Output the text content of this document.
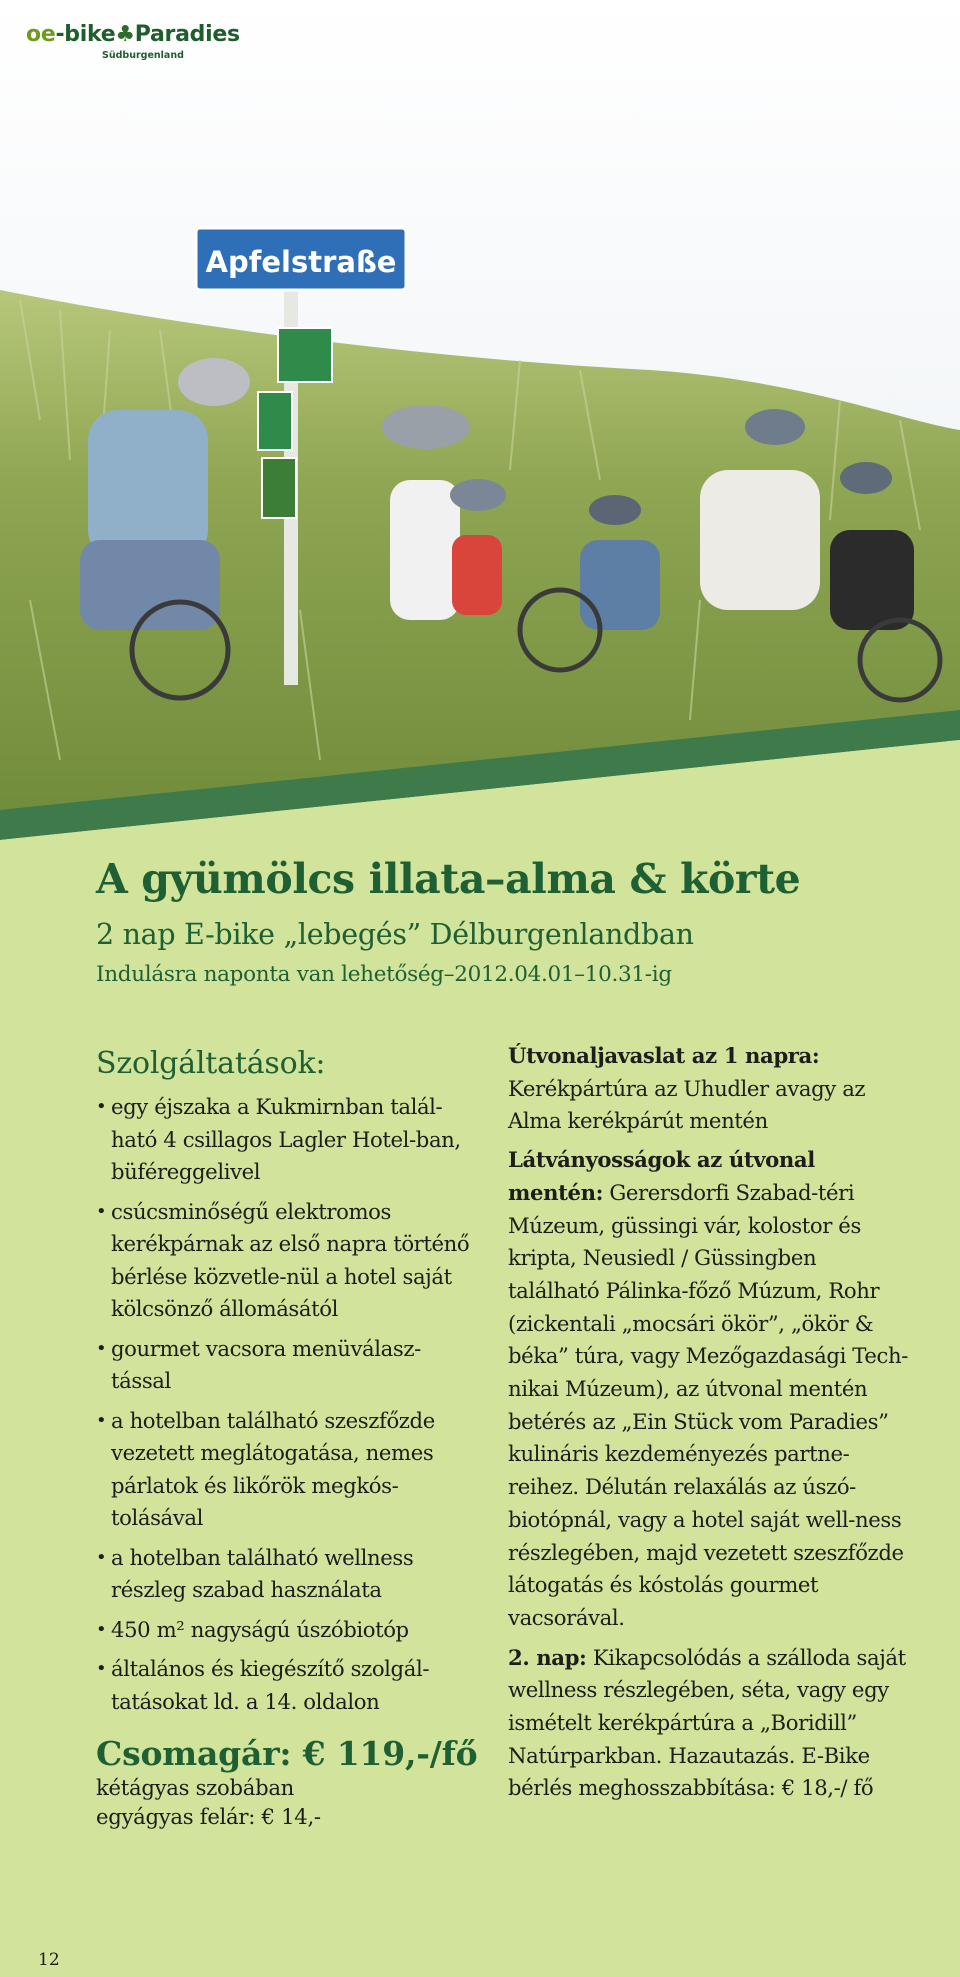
Apfelstraße
oe-bike♣Paradies
Südburgenland
A gyümölcs illata–alma & körte
2 nap E-bike „lebegés” Délburgenlandban
Indulásra naponta van lehetőség–2012.04.01–10.31-ig
Szolgáltatások:
• egy éjszaka a Kukmirnban talál-ható 4 csillagos Lagler Hotel-ban, büféreggelivel
• csúcsminőségű elektromos kerékpárnak az első napra történő bérlése közvetle-nül a hotel saját kölcsönző állomásától
• gourmet vacsora menüválasz-tással
• a hotelban található szeszfőzde vezetett meglátogatása, nemes párlatok és likőrök megkós-tolásával
• a hotelban található wellness részleg szabad használata
• 450 m² nagyságú úszóbiotóp
• általános és kiegészítő szolgál-tatásokat ld. a 14. oldalon
Csomagár: € 119,-/fő
kétágyas szobában
egyágyas felár: € 14,-

Útvonaljavaslat az 1 napra:
Kerékpártúra az Uhudler avagy az Alma kerékpárút mentén

Látványosságok az útvonal mentén: Gerersdorfi Szabad-téri Múzeum, güssingi vár, kolostor és kripta, Neusiedl / Güssingben található Pálinka-főző Múzum, Rohr (zickentali „mocsári ökör”, „ökör & béka” túra, vagy Mezőgazdasági Tech-nikai Múzeum), az útvonal mentén betérés az „Ein Stück vom Paradies” kulináris kezdeményezés partne-reihez. Délután relaxálás az úszó-biotópnál, vagy a hotel saját well-ness részlegében, majd vezetett szeszfőzde látogatás és kóstolás gourmet vacsorával.

2. nap: Kikapcsolódás a szálloda saját wellness részlegében, séta, vagy egy ismételt kerékpártúra a „Boridill” Natúrparkban. Hazautazás. E-Bike bérlés meghosszabbítása: € 18,-/ fő

12
